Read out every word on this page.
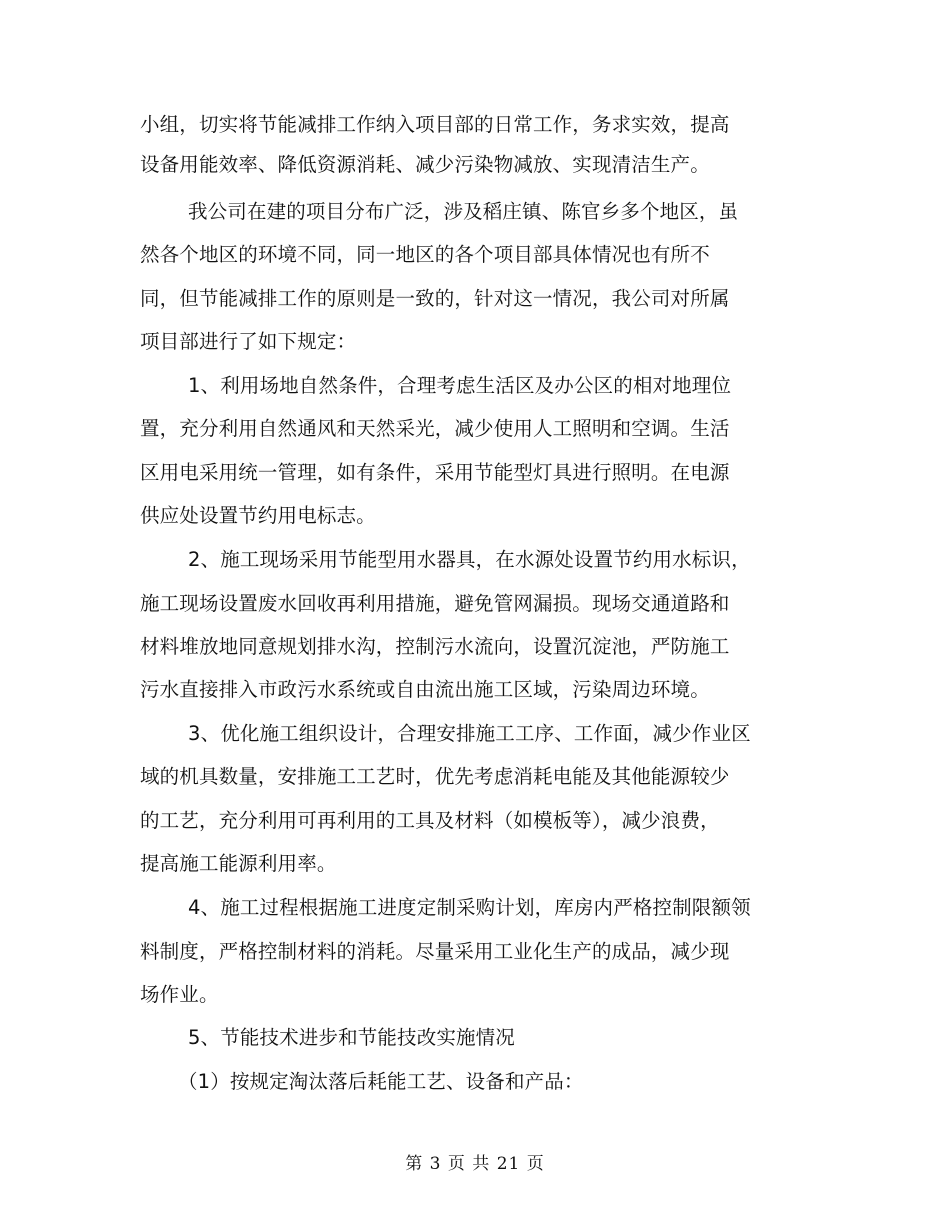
小组，切实将节能减排工作纳入项目部的日常工作，务求实效，提高
设备用能效率、降低资源消耗、减少污染物减放、实现清洁生产。
我公司在建的项目分布广泛，涉及稻庄镇、陈官乡多个地区，虽
然各个地区的环境不同，同一地区的各个项目部具体情况也有所不
同，但节能减排工作的原则是一致的，针对这一情况，我公司对所属
项目部进行了如下规定：
1、利用场地自然条件，合理考虑生活区及办公区的相对地理位
置，充分利用自然通风和天然采光，减少使用人工照明和空调。生活
区用电采用统一管理，如有条件，采用节能型灯具进行照明。在电源
供应处设置节约用电标志。
2、施工现场采用节能型用水器具，在水源处设置节约用水标识，
施工现场设置废水回收再利用措施，避免管网漏损。现场交通道路和
材料堆放地同意规划排水沟，控制污水流向，设置沉淀池，严防施工
污水直接排入市政污水系统或自由流出施工区域，污染周边环境。
3、优化施工组织设计，合理安排施工工序、工作面，减少作业区
域的机具数量，安排施工工艺时，优先考虑消耗电能及其他能源较少
的工艺，充分利用可再利用的工具及材料（如模板等），减少浪费，
提高施工能源利用率。
4、施工过程根据施工进度定制采购计划，库房内严格控制限额领
料制度，严格控制材料的消耗。尽量采用工业化生产的成品，减少现
场作业。
5、节能技术进步和节能技改实施情况
（1）按规定淘汰落后耗能工艺、设备和产品：
第 3 页 共 21 页
